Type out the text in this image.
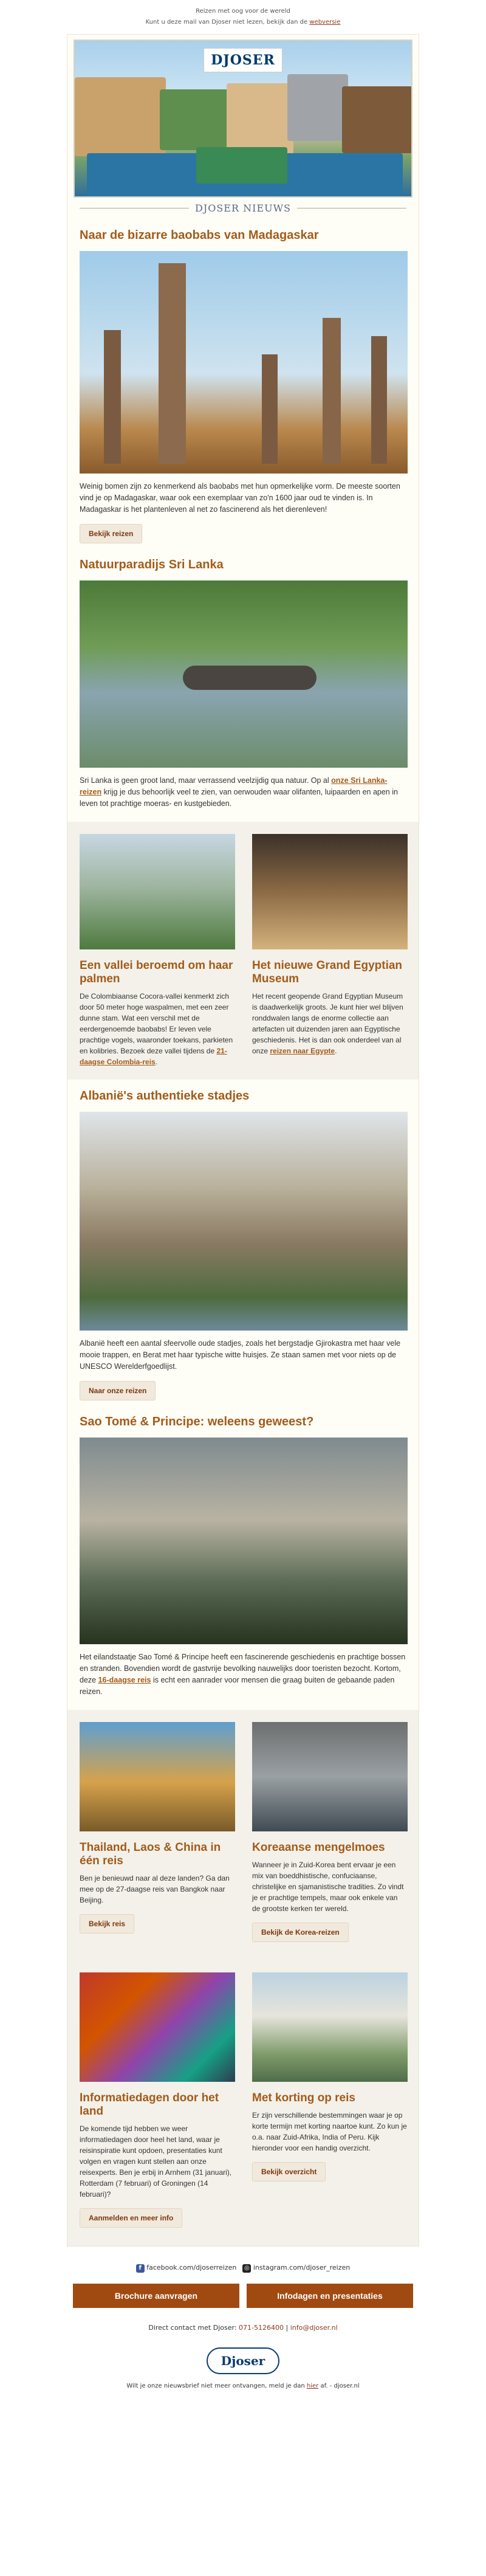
Reizen met oog voor de wereld
Kunt u deze mail van Djoser niet lezen, bekijk dan de webversie
DJOSER
DJOSER NIEUWS
Naar de bizarre baobabs van Madagaskar
Weinig bomen zijn zo kenmerkend als baobabs met hun opmerkelijke vorm. De meeste soorten vind je op Madagaskar, waar ook een exemplaar van zo'n 1600 jaar oud te vinden is. In Madagaskar is het plantenleven al net zo fascinerend als het dierenleven!
Bekijk reizen
Natuurparadijs Sri Lanka
Sri Lanka is geen groot land, maar verrassend veelzijdig qua natuur. Op al onze Sri Lanka-reizen krijg je dus behoorlijk veel te zien, van oerwouden waar olifanten, luipaarden en apen in leven tot prachtige moeras- en kustgebieden.
Een vallei beroemd om haar palmen
De Colombiaanse Cocora-vallei kenmerkt zich door 50 meter hoge waspalmen, met een zeer dunne stam. Wat een verschil met de eerdergenoemde baobabs! Er leven vele prachtige vogels, waaronder toekans, parkieten en kolibries. Bezoek deze vallei tijdens de 21-daagse Colombia-reis.
Het nieuwe Grand Egyptian Museum
Het recent geopende Grand Egyptian Museum is daadwerkelijk groots. Je kunt hier wel blijven ronddwalen langs de enorme collectie aan artefacten uit duizenden jaren aan Egyptische geschiedenis. Het is dan ook onderdeel van al onze reizen naar Egypte.
Albanië's authentieke stadjes
Albanië heeft een aantal sfeervolle oude stadjes, zoals het bergstadje Gjirokastra met haar vele mooie trappen, en Berat met haar typische witte huisjes. Ze staan samen met voor niets op de UNESCO Werelderfgoedlijst.
Naar onze reizen
Sao Tomé & Principe: weleens geweest?
Het eilandstaatje Sao Tomé & Principe heeft een fascinerende geschiedenis en prachtige bossen en stranden. Bovendien wordt de gastvrije bevolking nauwelijks door toeristen bezocht. Kortom, deze 16-daagse reis is echt een aanrader voor mensen die graag buiten de gebaande paden reizen.
Thailand, Laos & China in één reis
Ben je benieuwd naar al deze landen? Ga dan mee op de 27-daagse reis van Bangkok naar Beijing.
Bekijk reis
Koreaanse mengelmoes
Wanneer je in Zuid-Korea bent ervaar je een mix van boeddhistische, confuciaanse, christelijke en sjamanistische tradities. Zo vindt je er prachtige tempels, maar ook enkele van de grootste kerken ter wereld.
Bekijk de Korea-reizen
Informatiedagen door het land
De komende tijd hebben we weer informatiedagen door heel het land, waar je reisinspiratie kunt opdoen, presentaties kunt volgen en vragen kunt stellen aan onze reisexperts. Ben je erbij in Arnhem (31 januari), Rotterdam (7 februari) of Groningen (14 februari)?
Aanmelden en meer info
Met korting op reis
Er zijn verschillende bestemmingen waar je op korte termijn met korting naartoe kunt. Zo kun je o.a. naar Zuid-Afrika, India of Peru. Kijk hieronder voor een handig overzicht.
Bekijk overzicht
f facebook.com/djoserreizen ◎ instagram.com/djoser_reizen
Brochure aanvragen	Infodagen en presentaties
Direct contact met Djoser: 071-5126400 | info@djoser.nl
Djoser
Wilt je onze nieuwsbrief niet meer ontvangen, meld je dan hier af. - djoser.nl
